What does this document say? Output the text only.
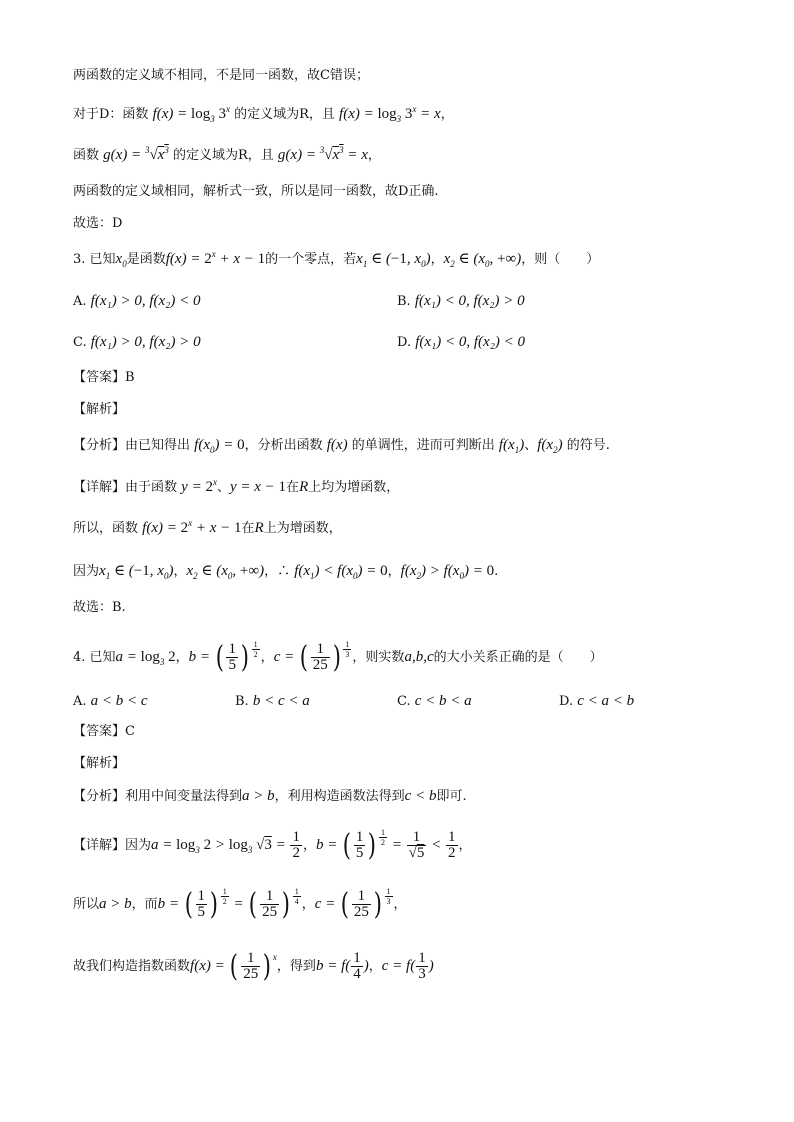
两函数的定义域不相同，不是同一函数，故C错误；
对于D：函数 $f(x) = \log_3 3^x$ 的定义域为R，且 $f(x) = \log_3 3^x = x$，
函数 $g(x) = ^3√x^3$ 的定义域为R，且 $g(x) = ^3√x^3 = x$，
两函数的定义域相同，解析式一致，所以是同一函数，故D正确.
故选：D
3. 已知$x_0$是函数$f(x) = 2^x + x - 1$的一个零点，若$x_1$ ∈ (−1, $x_0$)，$x_2$ ∈ ($x_0$, +∞)，则（　　）
A. f(x₁) > 0, f(x₂) < 0	B. f(x₁) < 0, f(x₂) > 0
C. f(x₁) > 0, f(x₂) > 0	D. f(x₁) < 0, f(x₂) < 0
【答案】B
【解析】
【分析】由已知得出 $f(x_0) = 0$，分析出函数 f(x) 的单调性，进而可判断出 $f(x_1)$、$f(x_2)$ 的符号.
【详解】由于函数 $y = 2^x$、y = x − 1在R上均为增函数，
所以，函数 $f(x) = 2^x + x - 1$在R上为增函数，
因为$x_1$ ∈ (−1, $x_0$)，$x_2$ ∈ ($x_0$, +∞)，∴ $f(x_1) < f(x_0) = 0$，$f(x_2) > f(x_0) = 0$.
故选：B.
4. 已知$a = \log_3 2$，b = ( $\frac{1}{5}$ ) $\frac{1}{2}$ ，c = ( $\frac{1}{25}$ ) $\frac{1}{3}$ ，则实数a,b,c的大小关系正确的是（　　）
A. a < b < c	B. b < c < a	C. c < b < a	D. c < a < b
【答案】C
【解析】
【分析】利用中间变量法得到a > b，利用构造函数法得到c < b即可.
【详解】因为$a = \log_3 2 > \log_3 √3 = \frac{1}{2}$ ，b = ( $\frac{1}{5}$ ) $\frac{1}{2} = \frac{1}{√5} < \frac{1}{2}$ ，
所以a > b，而b = ( $\frac{1}{5}$ ) $\frac{1}{2}$ = ( $\frac{1}{25}$ ) $\frac{1}{4}$ ，c = ( $\frac{1}{25}$ ) $\frac{1}{3}$ ，
故我们构造指数函数f(x) = ( $\frac{1}{25}$ ) x，得到$b = f( \frac{1}{4}$ )，$c = f( \frac{1}{3}$ )
